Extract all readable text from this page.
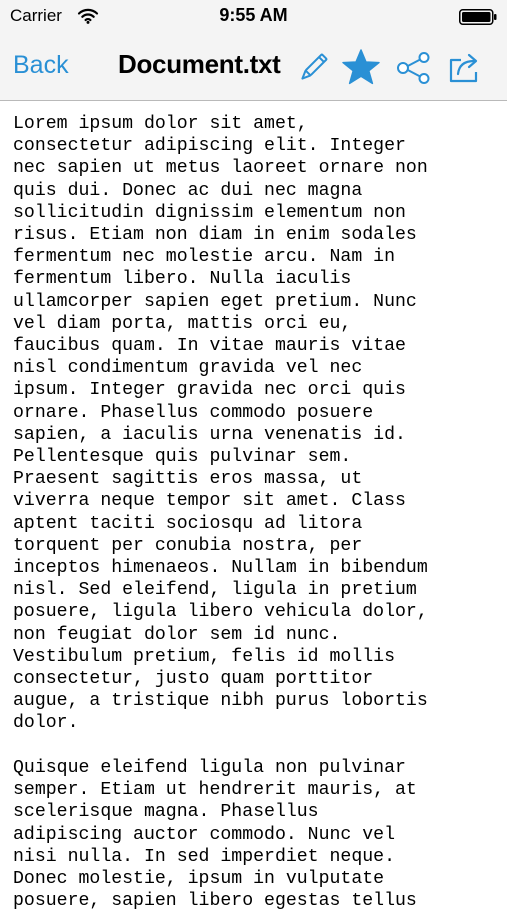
Carrier	9:55 AM
Back Document.txt
Lorem ipsum dolor sit amet,
consectetur adipiscing elit. Integer
nec sapien ut metus laoreet ornare non
quis dui. Donec ac dui nec magna
sollicitudin dignissim elementum non
risus. Etiam non diam in enim sodales
fermentum nec molestie arcu. Nam in
fermentum libero. Nulla iaculis
ullamcorper sapien eget pretium. Nunc
vel diam porta, mattis orci eu,
faucibus quam. In vitae mauris vitae
nisl condimentum gravida vel nec
ipsum. Integer gravida nec orci quis
ornare. Phasellus commodo posuere
sapien, a iaculis urna venenatis id.
Pellentesque quis pulvinar sem.
Praesent sagittis eros massa, ut
viverra neque tempor sit amet. Class
aptent taciti sociosqu ad litora
torquent per conubia nostra, per
inceptos himenaeos. Nullam in bibendum
nisl. Sed eleifend, ligula in pretium
posuere, ligula libero vehicula dolor,
non feugiat dolor sem id nunc.
Vestibulum pretium, felis id mollis
consectetur, justo quam porttitor
augue, a tristique nibh purus lobortis
dolor.

Quisque eleifend ligula non pulvinar
semper. Etiam ut hendrerit mauris, at
scelerisque magna. Phasellus
adipiscing auctor commodo. Nunc vel
nisi nulla. In sed imperdiet neque.
Donec molestie, ipsum in vulputate
posuere, sapien libero egestas tellus
